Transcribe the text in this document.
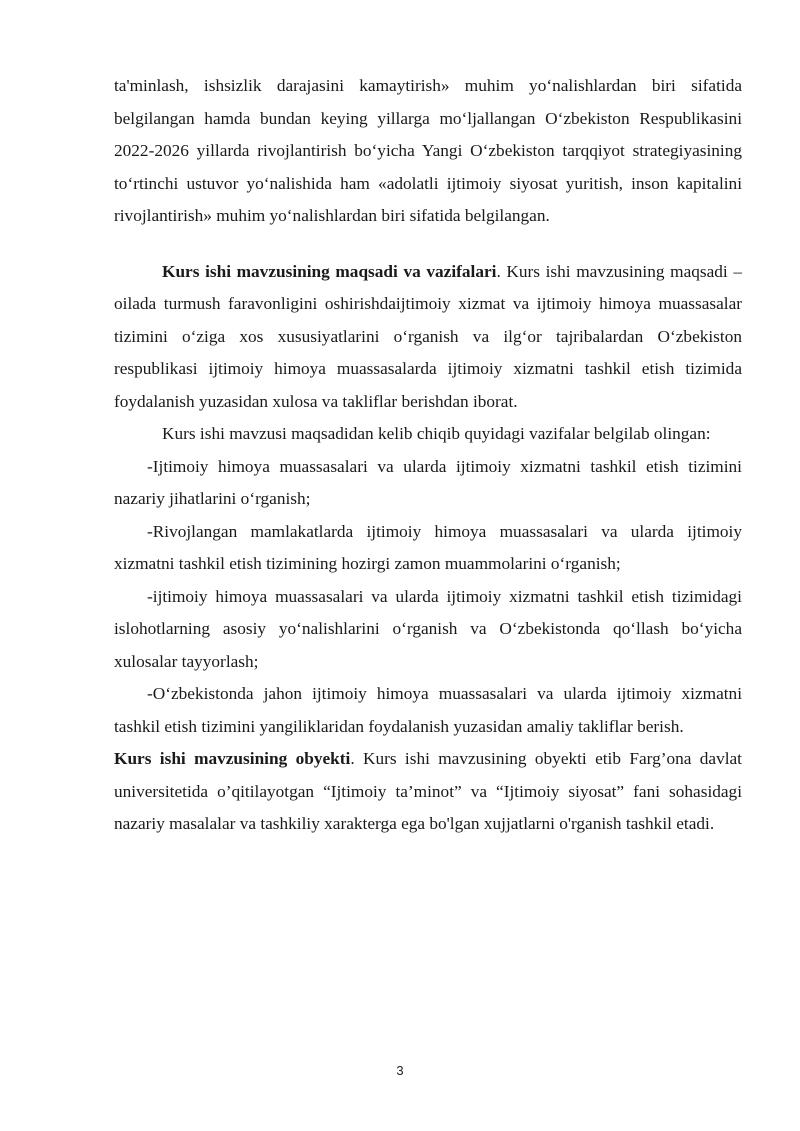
ta'minlash, ishsizlik darajasini kamaytirish» muhim yo‘nalishlardan biri sifatida belgilangan hamda bundan keying yillarga mo‘ljallangan O‘zbekiston Respublikasini 2022-2026 yillarda rivojlantirish bo‘yicha Yangi O‘zbekiston tarqqiyot strategiyasining to‘rtinchi ustuvor yo‘nalishida ham «adolatli ijtimoiy siyosat yuritish, inson kapitalini rivojlantirish» muhim yo‘nalishlardan biri sifatida belgilangan.

Kurs ishi mavzusining maqsadi va vazifalari. Kurs ishi mavzusining maqsadi – oilada turmush faravonligini oshirishdaijtimoiy xizmat va ijtimoiy himoya muassasalar tizimini o‘ziga xos xususiyatlarini o‘rganish va ilg‘or tajribalardan O‘zbekiston respublikasi ijtimoiy himoya muassasalarda ijtimoiy xizmatni tashkil etish tizimida foydalanish yuzasidan xulosa va takliflar berishdan iborat.

Kurs ishi mavzusi maqsadidan kelib chiqib quyidagi vazifalar belgilab olingan:

-Ijtimoiy himoya muassasalari va ularda ijtimoiy xizmatni tashkil etish tizimini nazariy jihatlarini o‘rganish;

-Rivojlangan mamlakatlarda ijtimoiy himoya muassasalari va ularda ijtimoiy xizmatni tashkil etish tizimining hozirgi zamon muammolarini o‘rganish;

-ijtimoiy himoya muassasalari va ularda ijtimoiy xizmatni tashkil etish tizimidagi islohotlarning asosiy yo‘nalishlarini o‘rganish va O‘zbekistonda qo‘llash bo‘yicha xulosalar tayyorlash;

-O‘zbekistonda jahon ijtimoiy himoya muassasalari va ularda ijtimoiy xizmatni tashkil etish tizimini yangiliklaridan foydalanish yuzasidan amaliy takliflar berish.

Kurs ishi mavzusining obyekti. Kurs ishi mavzusining obyekti etib Farg’ona davlat universitetida o’qitilayotgan “Ijtimoiy ta’minot” va “Ijtimoiy siyosat” fani sohasidagi nazariy masalalar va tashkiliy xarakterga ega bo'lgan xujjatlarni o'rganish tashkil etadi.

3
